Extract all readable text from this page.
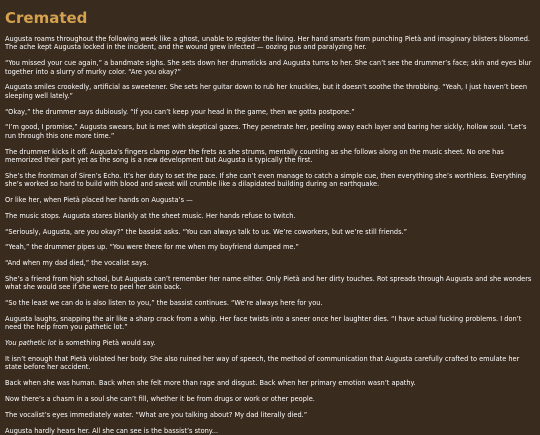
Cremated

Augusta roams throughout the following week like a ghost, unable to register the living. Her hand smarts from punching Pietà and imaginary blisters bloomed. The ache kept Augusta locked in the incident, and the wound grew infected — oozing pus and paralyzing her.

“You missed your cue again,” a bandmate sighs. She sets down her drumsticks and Augusta turns to her. She can’t see the drummer’s face; skin and eyes blur together into a slurry of murky color. “Are you okay?”

Augusta smiles crookedly, artificial as sweetener. She sets her guitar down to rub her knuckles, but it doesn’t soothe the throbbing. “Yeah, I just haven’t been sleeping well lately.”

“Okay,” the drummer says dubiously. “If you can’t keep your head in the game, then we gotta postpone.”

“I’m good, I promise,” Augusta swears, but is met with skeptical gazes. They penetrate her, peeling away each layer and baring her sickly, hollow soul. “Let’s run through this one more time.”

The drummer kicks it off. Augusta’s fingers clamp over the frets as she strums, mentally counting as she follows along on the music sheet. No one has memorized their part yet as the song is a new development but Augusta is typically the first.

She’s the frontman of Siren’s Echo. It’s her duty to set the pace. If she can’t even manage to catch a simple cue, then everything she’s worthless. Everything she’s worked so hard to build with blood and sweat will crumble like a dilapidated building during an earthquake.

Or like her, when Pietà placed her hands on Augusta’s —

The music stops. Augusta stares blankly at the sheet music. Her hands refuse to twitch.

“Seriously, Augusta, are you okay?” the bassist asks. “You can always talk to us. We’re coworkers, but we’re still friends.”

“Yeah,” the drummer pipes up. “You were there for me when my boyfriend dumped me.”

“And when my dad died,” the vocalist says.

She’s a friend from high school, but Augusta can’t remember her name either. Only Pietà and her dirty touches. Rot spreads through Augusta and she wonders what she would see if she were to peel her skin back.

“So the least we can do is also listen to you,” the bassist continues. “We’re always here for you.

Augusta laughs, snapping the air like a sharp crack from a whip. Her face twists into a sneer once her laughter dies. “I have actual fucking problems. I don’t need the help from you pathetic lot.”

You pathetic lot is something Pietà would say.

It isn’t enough that Pietà violated her body. She also ruined her way of speech, the method of communication that Augusta carefully crafted to emulate her state before her accident.

Back when she was human. Back when she felt more than rage and disgust. Back when her primary emotion wasn’t apathy.

Now there’s a chasm in a soul she can’t fill, whether it be from drugs or work or other people.

The vocalist’s eyes immediately water. “What are you talking about? My dad literally died.”

Augusta hardly hears her. All she can see is the bassist’s stony...
